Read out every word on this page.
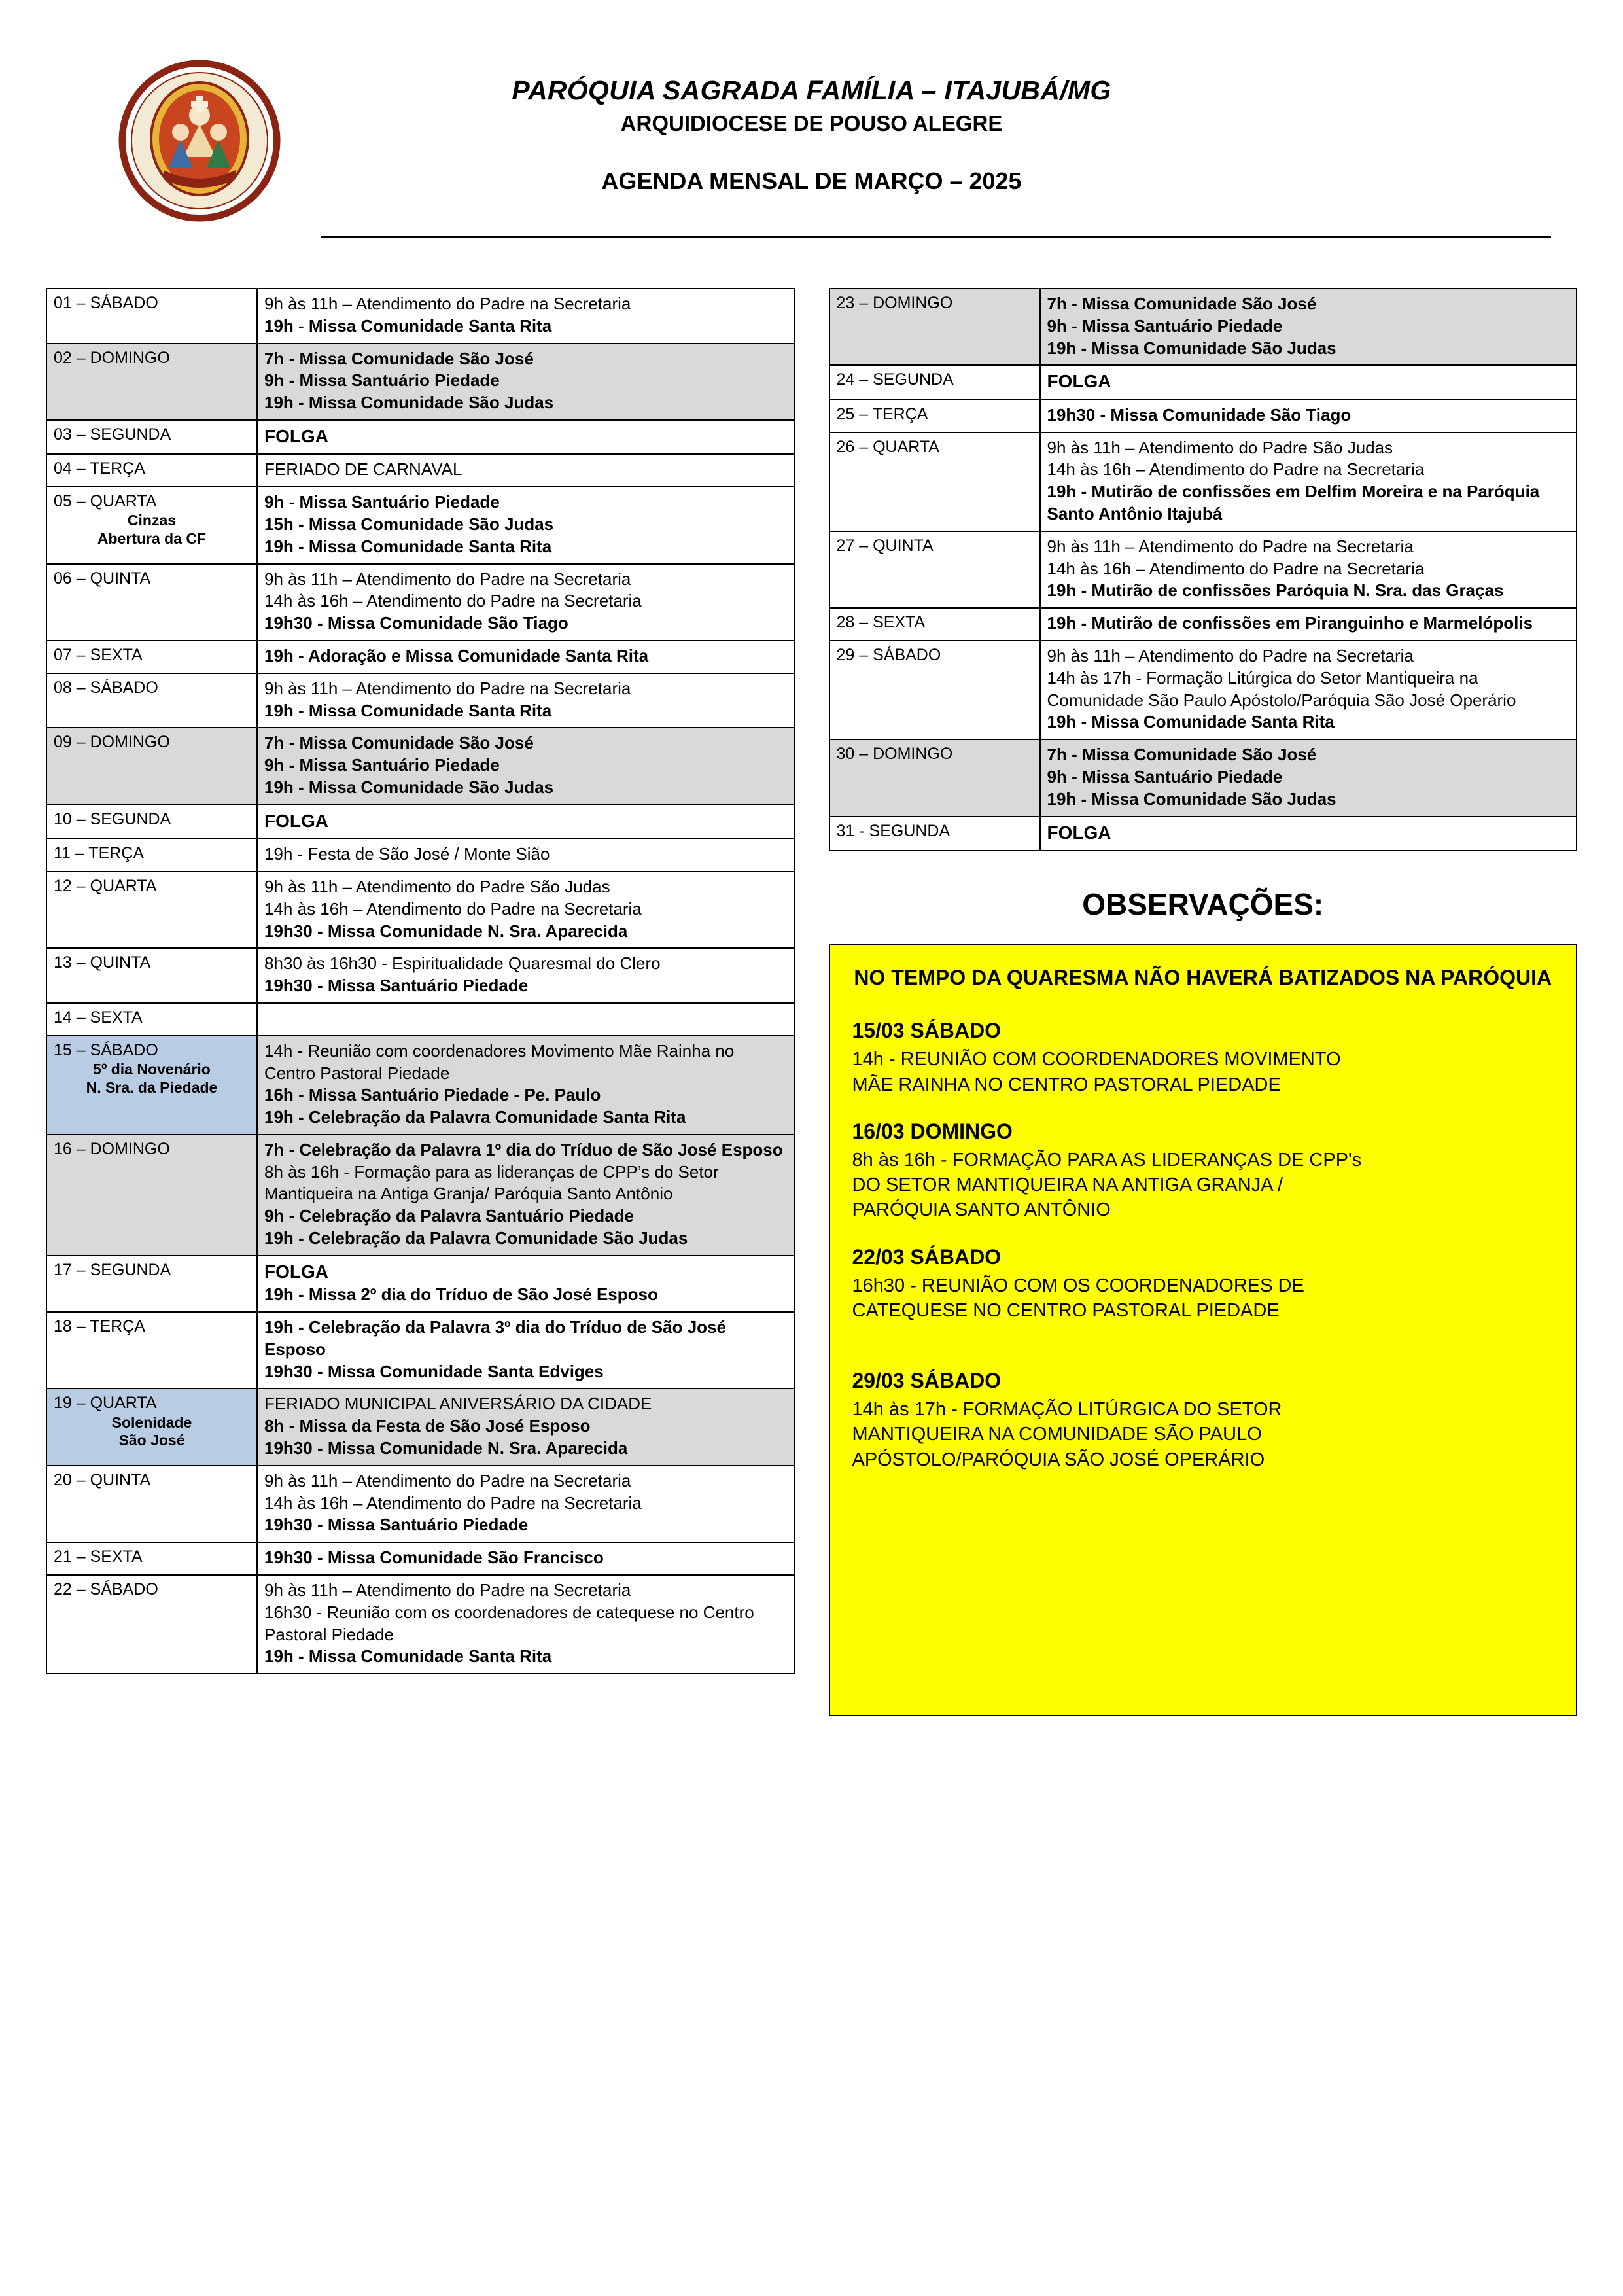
PARÓQUIA SAGRADA FAMÍLIA – ITAJUBÁ/MG
ARQUIDIOCESE DE POUSO ALEGRE
AGENDA MENSAL DE MARÇO – 2025
01 – SÁBADO	9h às 11h – Atendimento do Padre na Secretaria
19h - Missa Comunidade Santa Rita

02 – DOMINGO	7h - Missa Comunidade São José
9h - Missa Santuário Piedade
19h - Missa Comunidade São Judas

03 – SEGUNDA	FOLGA

04 – TERÇA	FERIADO DE CARNAVAL

05 – QUARTA
Cinzas
Abertura da CF	9h - Missa Santuário Piedade
15h - Missa Comunidade São Judas
19h - Missa Comunidade Santa Rita

06 – QUINTA	9h às 11h – Atendimento do Padre na Secretaria
14h às 16h – Atendimento do Padre na Secretaria
19h30 - Missa Comunidade São Tiago

07 – SEXTA	19h - Adoração e Missa Comunidade Santa Rita

08 – SÁBADO	9h às 11h – Atendimento do Padre na Secretaria
19h - Missa Comunidade Santa Rita

09 – DOMINGO	7h - Missa Comunidade São José
9h - Missa Santuário Piedade
19h - Missa Comunidade São Judas

10 – SEGUNDA	FOLGA

11 – TERÇA	19h - Festa de São José / Monte Sião

12 – QUARTA	9h às 11h – Atendimento do Padre São Judas
14h às 16h – Atendimento do Padre na Secretaria
19h30 - Missa Comunidade N. Sra. Aparecida

13 – QUINTA	8h30 às 16h30 - Espiritualidade Quaresmal do Clero
19h30 - Missa Santuário Piedade

14 – SEXTA	

15 – SÁBADO
5º dia Novenário
N. Sra. da Piedade	14h - Reunião com coordenadores Movimento Mãe Rainha no Centro Pastoral Piedade
16h - Missa Santuário Piedade - Pe. Paulo
19h - Celebração da Palavra Comunidade Santa Rita

16 – DOMINGO	7h - Celebração da Palavra 1º dia do Tríduo de São José Esposo
8h às 16h - Formação para as lideranças de CPP’s do Setor Mantiqueira na Antiga Granja/ Paróquia Santo Antônio
9h - Celebração da Palavra Santuário Piedade
19h - Celebração da Palavra Comunidade São Judas

17 – SEGUNDA	FOLGA
19h - Missa 2º dia do Tríduo de São José Esposo

18 – TERÇA	19h - Celebração da Palavra 3º dia do Tríduo de São José Esposo
19h30 - Missa Comunidade Santa Edviges

19 – QUARTA
Solenidade
São José	FERIADO MUNICIPAL ANIVERSÁRIO DA CIDADE
8h - Missa da Festa de São José Esposo
19h30 - Missa Comunidade N. Sra. Aparecida

20 – QUINTA	9h às 11h – Atendimento do Padre na Secretaria
14h às 16h – Atendimento do Padre na Secretaria
19h30 - Missa Santuário Piedade

21 – SEXTA	19h30 - Missa Comunidade São Francisco

22 – SÁBADO	9h às 11h – Atendimento do Padre na Secretaria
16h30 - Reunião com os coordenadores de catequese no Centro Pastoral Piedade
19h - Missa Comunidade Santa Rita
23 – DOMINGO	7h - Missa Comunidade São José
9h - Missa Santuário Piedade
19h - Missa Comunidade São Judas

24 – SEGUNDA	FOLGA

25 – TERÇA	19h30 - Missa Comunidade São Tiago

26 – QUARTA	9h às 11h – Atendimento do Padre São Judas
14h às 16h – Atendimento do Padre na Secretaria
19h - Mutirão de confissões em Delfim Moreira e na Paróquia Santo Antônio Itajubá

27 – QUINTA	9h às 11h – Atendimento do Padre na Secretaria
14h às 16h – Atendimento do Padre na Secretaria
19h - Mutirão de confissões Paróquia N. Sra. das Graças

28 – SEXTA	19h - Mutirão de confissões em Piranguinho e Marmelópolis

29 – SÁBADO	9h às 11h – Atendimento do Padre na Secretaria
14h às 17h - Formação Litúrgica do Setor Mantiqueira na Comunidade São Paulo Apóstolo/Paróquia São José Operário
19h - Missa Comunidade Santa Rita

30 – DOMINGO	7h - Missa Comunidade São José
9h - Missa Santuário Piedade
19h - Missa Comunidade São Judas

31 - SEGUNDA	FOLGA
OBSERVAÇÕES:
NO TEMPO DA QUARESMA NÃO HAVERÁ BATIZADOS NA PARÓQUIA
15/03 SÁBADO
14h - REUNIÃO COM COORDENADORES MOVIMENTO
MÃE RAINHA NO CENTRO PASTORAL PIEDADE
16/03 DOMINGO
8h às 16h - FORMAÇÃO PARA AS LIDERANÇAS DE CPP's
DO SETOR MANTIQUEIRA NA ANTIGA GRANJA /
PARÓQUIA SANTO ANTÔNIO
22/03 SÁBADO
16h30 - REUNIÃO COM OS COORDENADORES DE
CATEQUESE NO CENTRO PASTORAL PIEDADE
29/03 SÁBADO
14h às 17h - FORMAÇÃO LITÚRGICA DO SETOR
MANTIQUEIRA NA COMUNIDADE SÃO PAULO
APÓSTOLO/PARÓQUIA SÃO JOSÉ OPERÁRIO
